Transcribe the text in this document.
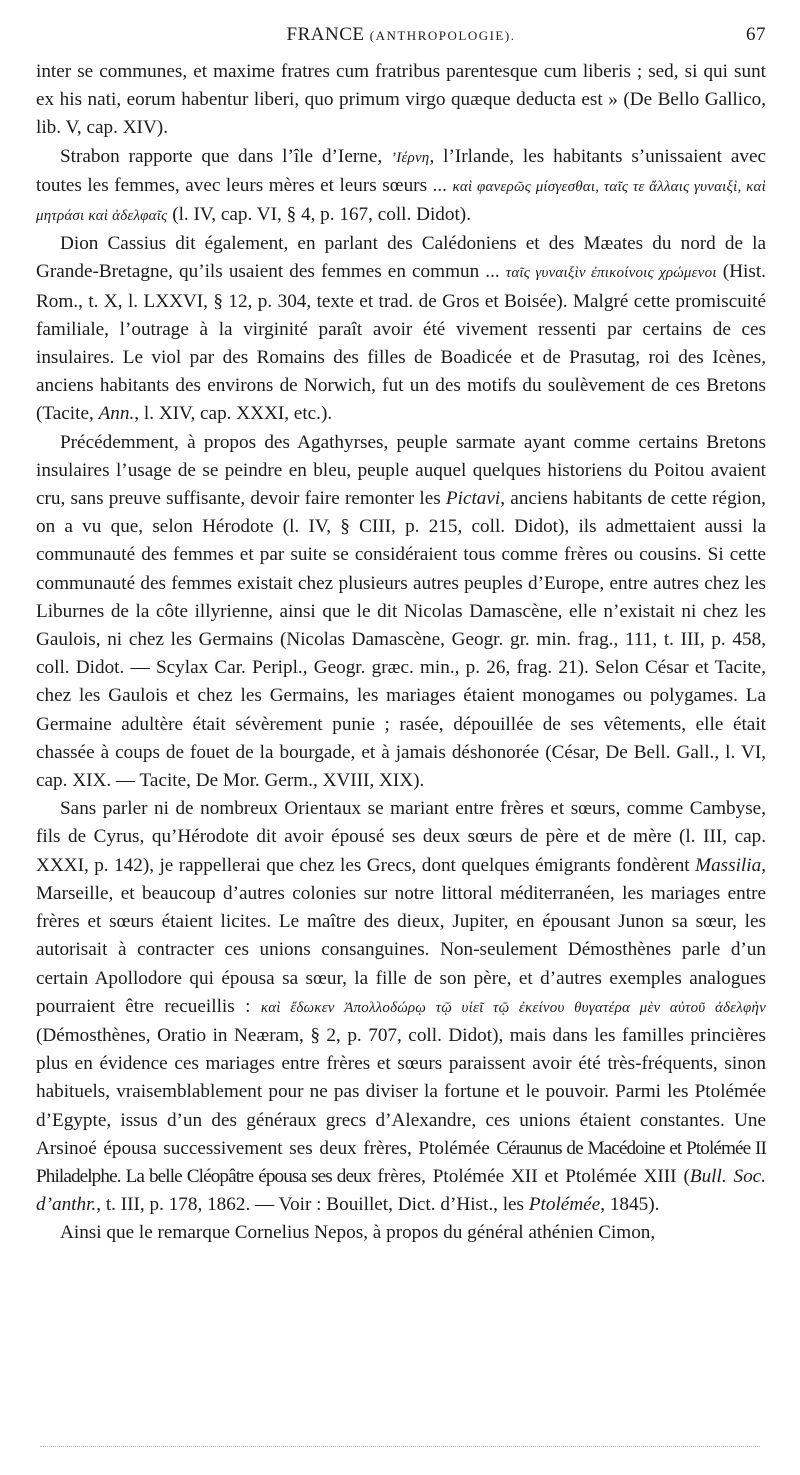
FRANCE (ANTHROPOLOGIE).	67

inter se communes, et maxime fratres cum fratribus parentesque cum liberis ; sed, si qui sunt ex his nati, eorum habentur liberi, quo primum virgo quæque deducta est » (De Bello Gallico, lib. V, cap. XIV).

Strabon rapporte que dans l’île d’Ierne, ’Ιέρνη, l’Irlande, les habitants s’unissaient avec toutes les femmes, avec leurs mères et leurs sœurs ... καὶ φανερῶς μίσγεσθαι, ταῖς τε ἄλλαις γυναιξὶ, καὶ μητράσι καὶ ἀδελφαῖς (l. IV, cap. VI, § 4, p. 167, coll. Didot).

Dion Cassius dit également, en parlant des Calédoniens et des Mæates du nord de la Grande-Bretagne, qu’ils usaient des femmes en commun ... ταῖς γυναιξὶν ἐπικοίνοις χρώμενοι (Hist. Rom., t. X, l. LXXVI, § 12, p. 304, texte et trad. de Gros et Boisée). Malgré cette promiscuité familiale, l’outrage à la virginité paraît avoir été vivement ressenti par certains de ces insulaires. Le viol par des Romains des filles de Boadicée et de Prasutag, roi des Icènes, anciens habitants des environs de Norwich, fut un des motifs du soulèvement de ces Bretons (Tacite, Ann., l. XIV, cap. XXXI, etc.).

Précédemment, à propos des Agathyrses, peuple sarmate ayant comme certains Bretons insulaires l’usage de se peindre en bleu, peuple auquel quelques historiens du Poitou avaient cru, sans preuve suffisante, devoir faire remonter les Pictavi, anciens habitants de cette région, on a vu que, selon Hérodote (l. IV, § CIII, p. 215, coll. Didot), ils admettaient aussi la communauté des femmes et par suite se considéraient tous comme frères ou cousins. Si cette communauté des femmes existait chez plusieurs autres peuples d’Europe, entre autres chez les Liburnes de la côte illyrienne, ainsi que le dit Nicolas Damascène, elle n’existait ni chez les Gaulois, ni chez les Germains (Nicolas Damascène, Geogr. gr. min. frag., 111, t. III, p. 458, coll. Didot. — Scylax Car. Peripl., Geogr. græc. min., p. 26, frag. 21). Selon César et Tacite, chez les Gaulois et chez les Germains, les mariages étaient monogames ou polygames. La Germaine adultère était sévèrement punie ; rasée, dépouillée de ses vêtements, elle était chassée à coups de fouet de la bourgade, et à jamais déshonorée (César, De Bell. Gall., l. VI, cap. XIX. — Tacite, De Mor. Germ., XVIII, XIX).

Sans parler ni de nombreux Orientaux se mariant entre frères et sœurs, comme Cambyse, fils de Cyrus, qu’Hérodote dit avoir épousé ses deux sœurs de père et de mère (l. III, cap. XXXI, p. 142), je rappellerai que chez les Grecs, dont quelques émigrants fondèrent Massilia, Marseille, et beaucoup d’autres colonies sur notre littoral méditerranéen, les mariages entre frères et sœurs étaient licites. Le maître des dieux, Jupiter, en épousant Junon sa sœur, les autorisait à contracter ces unions consanguines. Non-seulement Démosthènes parle d’un certain Apollodore qui épousa sa sœur, la fille de son père, et d’autres exemples analogues pourraient être recueillis : καὶ ἔδωκεν Ἀπολλοδώρῳ τῷ υἱεῖ τῷ ἐκείνου θυγατέρα μὲν αὐτοῦ ἀδελφὴν (Démosthènes, Oratio in Neæram, § 2, p. 707, coll. Didot), mais dans les familles princières plus en évidence ces mariages entre frères et sœurs paraissent avoir été très-fréquents, sinon habituels, vraisemblablement pour ne pas diviser la fortune et le pouvoir. Parmi les Ptolémée d’Egypte, issus d’un des généraux grecs d’Alexandre, ces unions étaient constantes. Une Arsinoé épousa successivement ses deux frères, Ptolémée Céraunus de Macédoine et Ptolémée II Philadelphe. La belle Cléopâtre épousa ses deux frères, Ptolémée XII et Ptolémée XIII (Bull. Soc. d’anthr., t. III, p. 178, 1862. — Voir : Bouillet, Dict. d’Hist., les Ptolémée, 1845).

Ainsi que le remarque Cornelius Nepos, à propos du général athénien Cimon,
